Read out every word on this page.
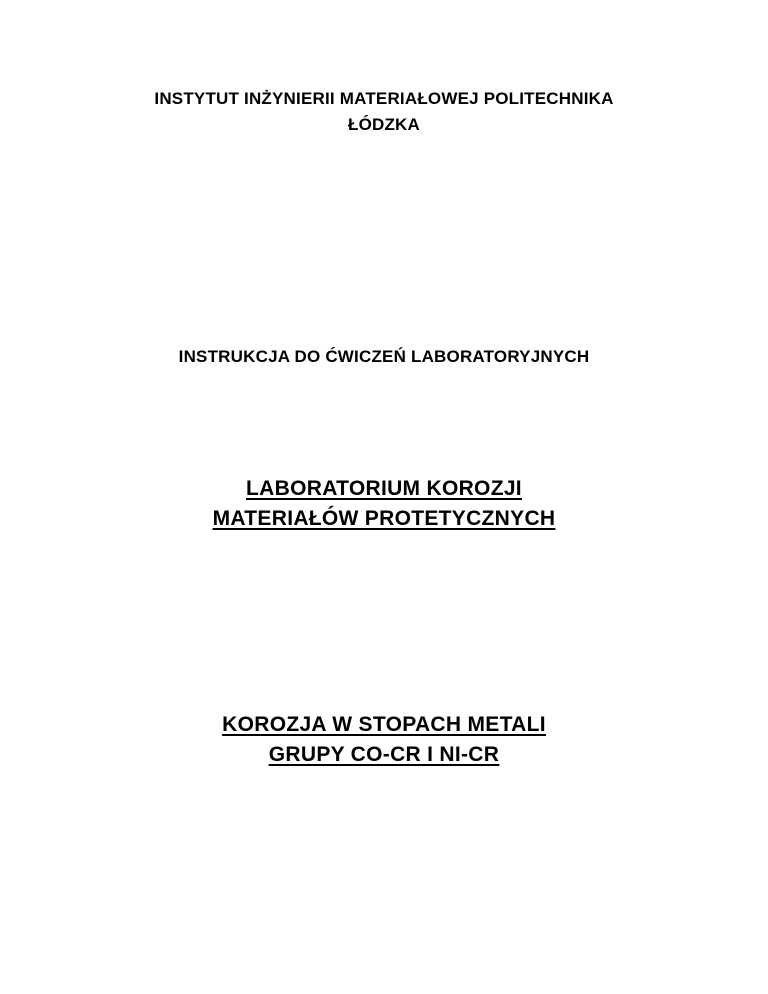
INSTYTUT INŻYNIERII MATERIAŁOWEJ POLITECHNIKA
ŁÓDZKA
INSTRUKCJA DO ĆWICZEŃ LABORATORYJNYCH
LABORATORIUM KOROZJI
MATERIAŁÓW PROTETYCZNYCH
KOROZJA W STOPACH METALI
GRUPY CO-CR I NI-CR
